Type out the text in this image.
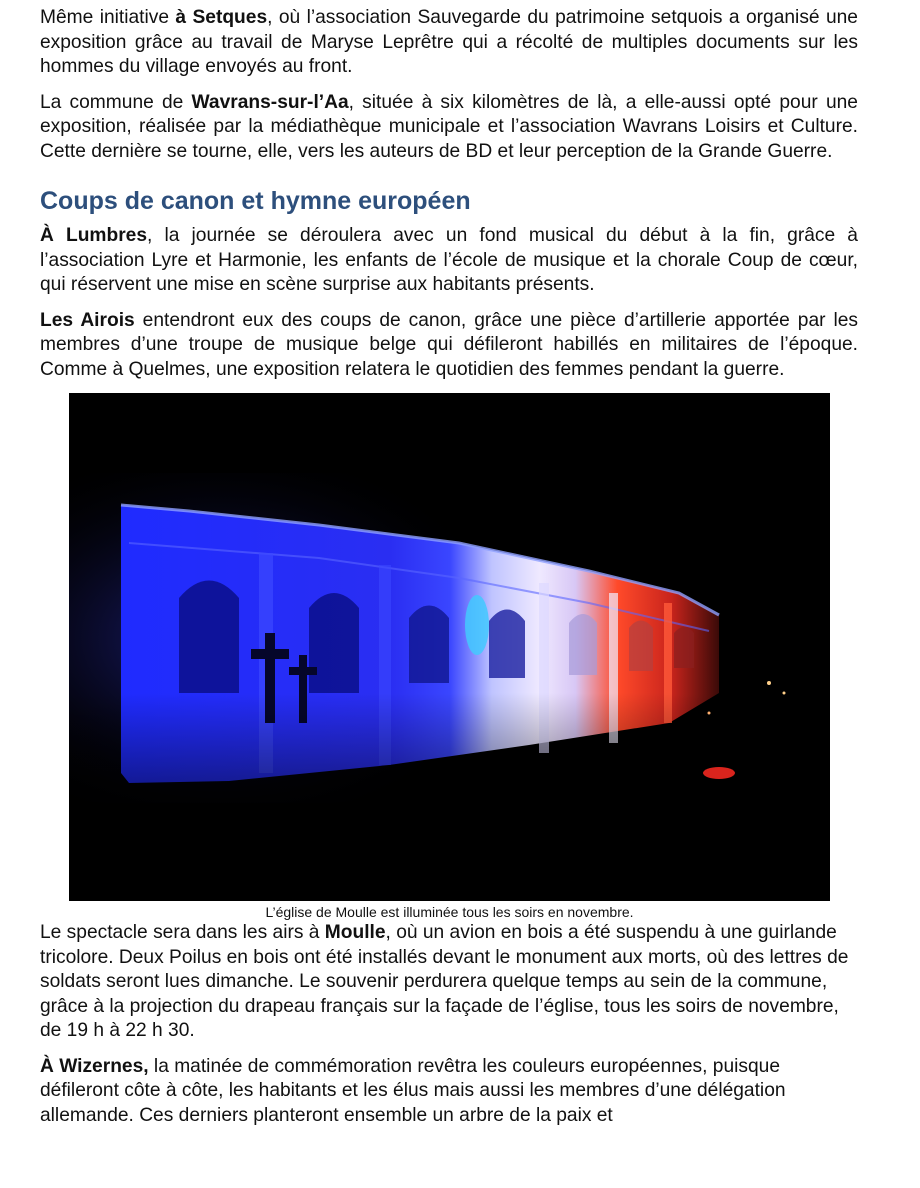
Même initiative à Setques, où l’association Sauvegarde du patrimoine setquois a organisé une exposition grâce au travail de Maryse Leprêtre qui a récolté de multiples documents sur les hommes du village envoyés au front.

La commune de Wavrans-sur-l’Aa, située à six kilomètres de là, a elle-aussi opté pour une exposition, réalisée par la médiathèque municipale et l’association Wavrans Loisirs et Culture. Cette dernière se tourne, elle, vers les auteurs de BD et leur perception de la Grande Guerre.

Coups de canon et hymne européen

À Lumbres, la journée se déroulera avec un fond musical du début à la fin, grâce à l’association Lyre et Harmonie, les enfants de l’école de musique et la chorale Coup de cœur, qui réservent une mise en scène surprise aux habitants présents.

Les Airois entendront eux des coups de canon, grâce une pièce d’artillerie apportée par les membres d’une troupe de musique belge qui défileront habillés en militaires de l’époque. Comme à Quelmes, une exposition relatera le quotidien des femmes pendant la guerre.

L’église de Moulle est illuminée tous les soirs en novembre.

Le spectacle sera dans les airs à Moulle, où un avion en bois a été suspendu à une guirlande tricolore. Deux Poilus en bois ont été installés devant le monument aux morts, où des lettres de soldats seront lues dimanche. Le souvenir perdurera quelque temps au sein de la commune, grâce à la projection du drapeau français sur la façade de l’église, tous les soirs de novembre, de 19 h à 22 h 30.

À Wizernes, la matinée de commémoration revêtra les couleurs européennes, puisque défileront côte à côte, les habitants et les élus mais aussi les membres d’une délégation allemande. Ces derniers planteront ensemble un arbre de la paix et
